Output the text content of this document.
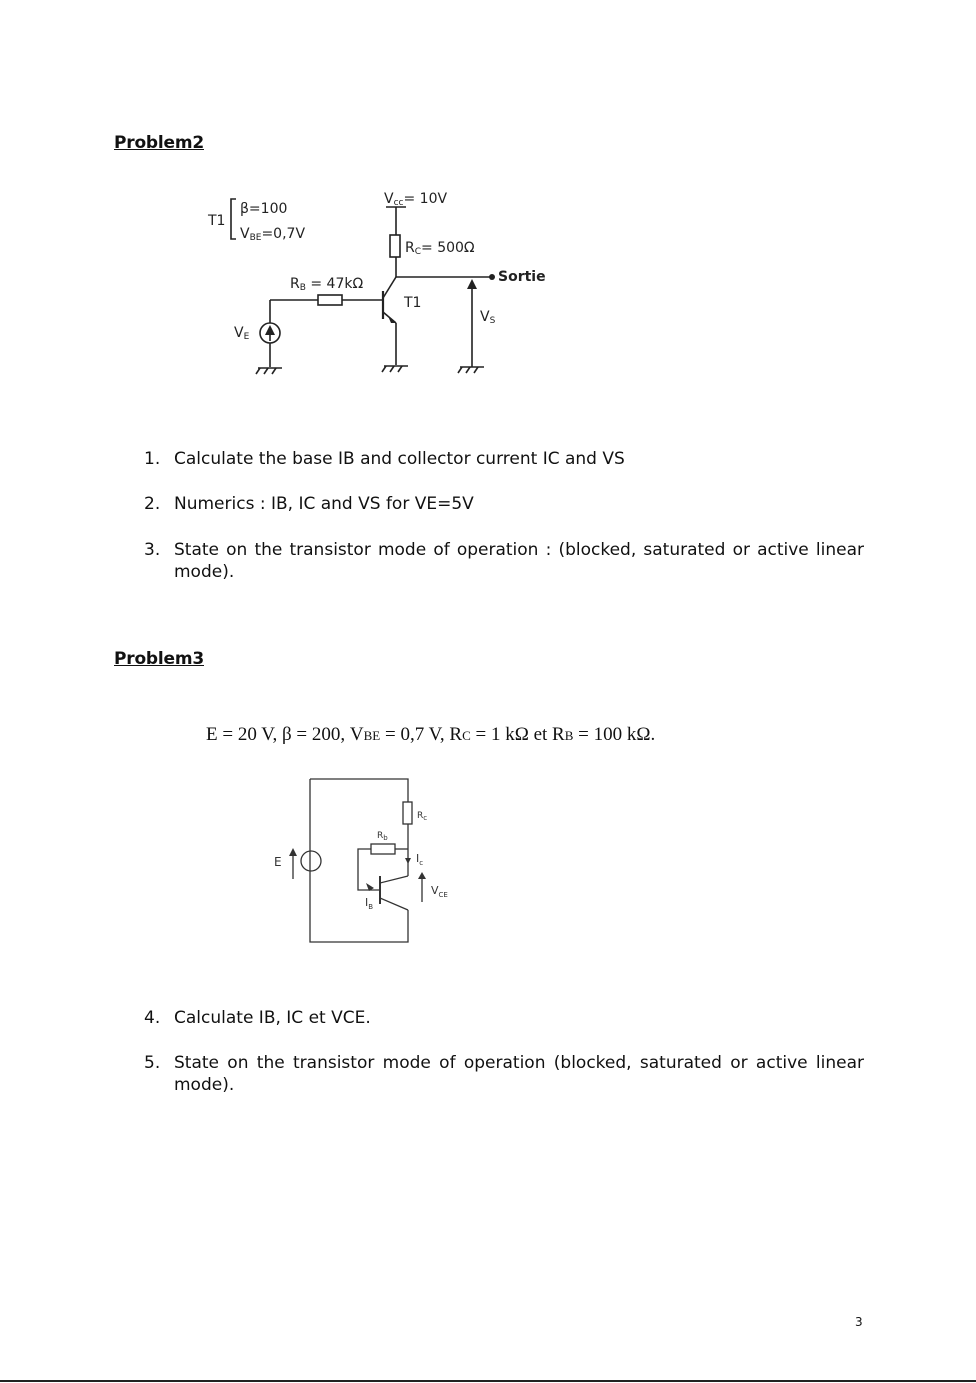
Problem2
T1
β=100
VBE=0,7V
Vcc= 10V
RC= 500Ω
RB = 47kΩ
T1
Sortie
VS
VE
1. Calculate the base IB and collector current IC and VS
2. Numerics : IB, IC and VS for VE=5V
3. State on the transistor mode of operation : (blocked, saturated or active linear mode).
Problem3
E = 20 V, β = 200, VBE = 0,7 V, RC = 1 kΩ et RB = 100 kΩ.
E
$R_c$
$R_b$
$I_c$
$V_{CE}$
$I_B$
4. Calculate IB, IC et VCE.
5. State on the transistor mode of operation (blocked, saturated or active linear mode).
3
